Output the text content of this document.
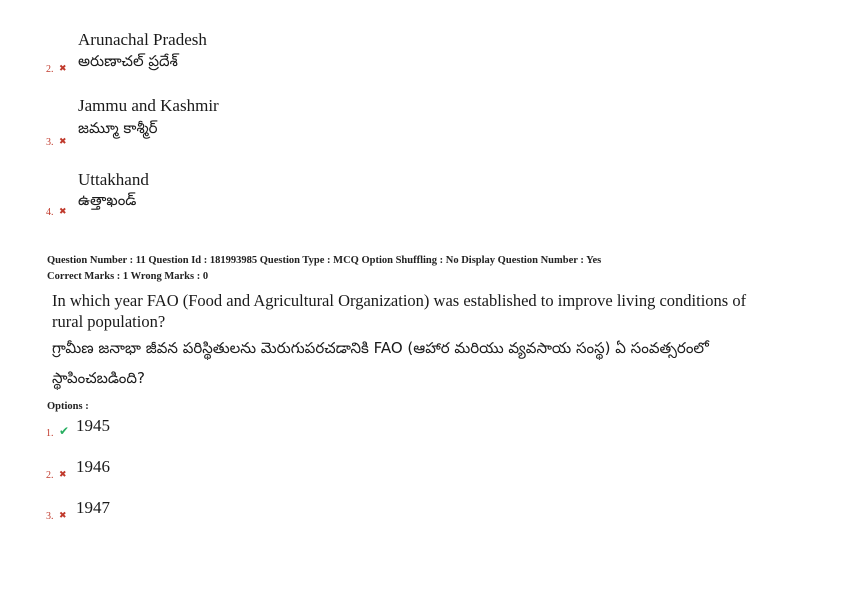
Arunachal Pradesh
అరుణాచల్ ప్రదేశ్
2. ✖
Jammu and Kashmir
జమ్మూ కాశ్మీర్
3. ✖
Uttakhand
ఉత్తాఖండ్
4. ✖
Question Number : 11 Question Id : 181993985 Question Type : MCQ Option Shuffling : No Display Question Number : Yes
Correct Marks : 1 Wrong Marks : 0
In which year FAO (Food and Agricultural Organization) was established to improve living conditions of rural population?
గ్రామీణ జనాభా జీవన పరిస్థితులను మెరుగుపరచడానికి FAO (ఆహార మరియు వ్యవసాయ సంస్థ) ఏ సంవత్సరంలో స్థాపించబడింది?
Options :
1. ✔ 1945
2. ✖ 1946
3. ✖ 1947
